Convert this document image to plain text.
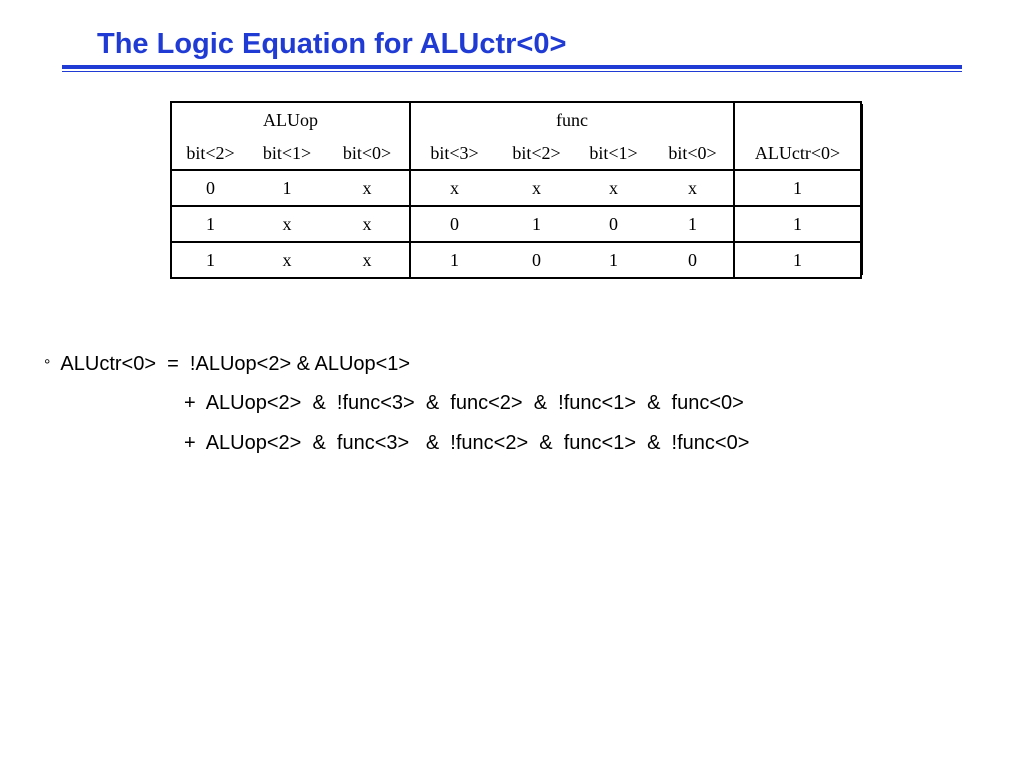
The Logic Equation for ALUctr<0>
ALUop			func				
bit<2>	bit<1>	bit<0>	bit<3>	bit<2>	bit<1>	bit<0>	ALUctr<0>
0	1	x	x	x	x	x	1
1	x	x	0	1	0	1	1
1	x	x	1	0	1	0	1

° ALUctr<0>  =  !ALUop<2> & ALUop<1>

+  ALUop<2>  &  !func<3>  &  func<2>  &  !func<1>  &  func<0>

+  ALUop<2>  &  func<3>   &  !func<2>  &  func<1>  &  !func<0>
